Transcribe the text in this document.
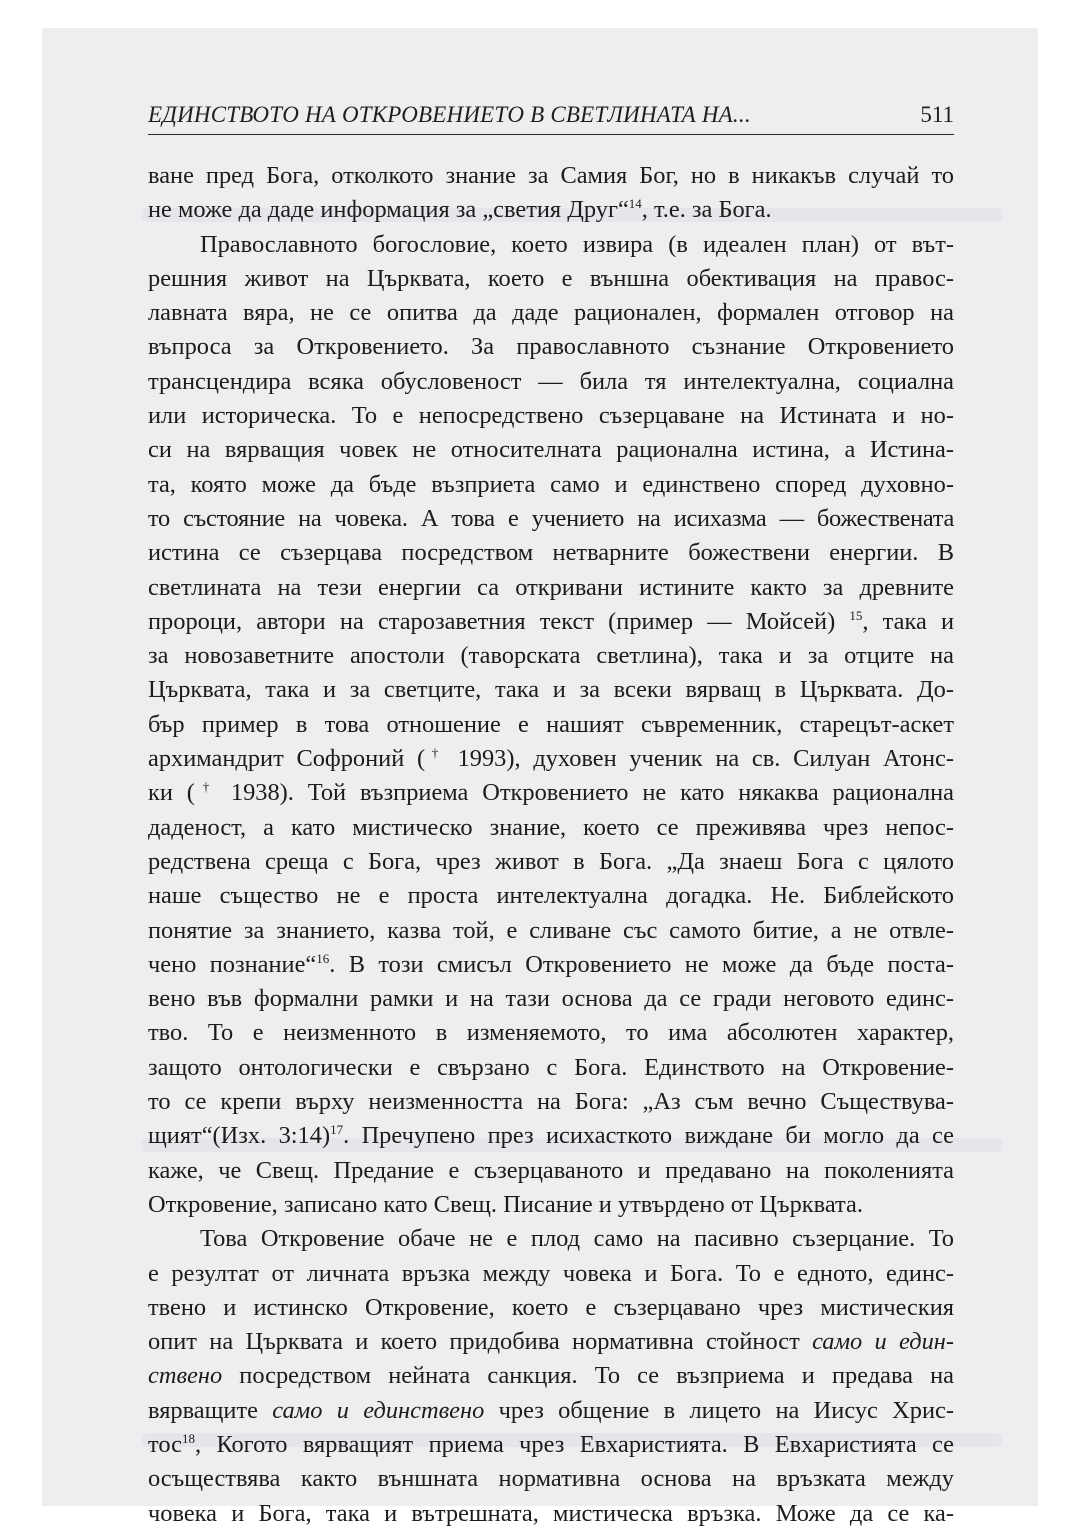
ЕДИНСТВОТО НА ОТКРОВЕНИЕТО В СВЕТЛИНАТА НА...	511
ване пред Бога, отколкото знание за Самия Бог, но в никакъв случай то
не може да даде информация за „светия Друг“$^{14}$, т.е. за Бога.
Православното богословие, което извира (в идеален план) от вът-
решния живот на Църквата, което е външна обективация на правос-
лавната вяра, не се опитва да даде рационален, формален отговор на
въпроса за Откровението. За православното съзнание Откровението
трансцендира всяка обусловеност — била тя интелектуална, социална
или историческа. То е непосредствено съзерцаване на Истината и но-
си на вярващия човек не относителната рационална истина, а Истина-
та, която може да бъде възприета само и единствено според духовно-
то състояние на човека. А това е учението на исихазма — божествената
истина се съзерцава посредством нетварните божествени енергии. В
светлината на тези енергии са откривани истините както за древните
пророци, автори на старозаветния текст (пример — Мойсей) $^{15}$, така и
за новозаветните апостоли (таворската светлина), така и за отците на
Църквата, така и за светците, така и за всеки вярващ в Църквата. До-
бър пример в това отношение е нашият съвременник, старецът-аскет
архимандрит Софроний († 1993), духовен ученик на св. Силуан Атонс-
ки († 1938). Той възприема Откровението не като някаква рационална
даденост, а като мистическо знание, което се преживява чрез непос-
редствена среща с Бога, чрез живот в Бога. „Да знаеш Бога с цялото
наше същество не е проста интелектуална догадка. Не. Библейското
понятие за знанието, казва той, е сливане със самото битие, а не отвле-
чено познание“$^{16}$. В този смисъл Откровението не може да бъде поста-
вено във формални рамки и на тази основа да се гради неговото единс-
тво. То е неизменното в изменяемото, то има абсолютен характер,
защото онтологически е свързано с Бога. Единството на Откровение-
то се крепи върху неизменността на Бога: „Аз съм вечно Съществува-
щият“(Изх. 3:14)$^{17}$. Пречупено през исихасткото виждане би могло да се
каже, че Свещ. Предание е съзерцаваното и предавано на поколенията
Откровение, записано като Свещ. Писание и утвърдено от Църквата.
Това Откровение обаче не е плод само на пасивно съзерцание. То
е резултат от личната връзка между човека и Бога. То е едното, единс-
твено и истинско Откровение, което е съзерцавано чрез мистическия
опит на Църквата и което придобива нормативна стойност само и един-
ствено посредством нейната санкция. То се възприема и предава на
вярващите само и единствено чрез общение в лицето на Иисус Хрис-
тос$^{18}$, Когото вярващият приема чрез Евхаристията. В Евхаристията се
осъществява както външната нормативна основа на връзката между
човека и Бога, така и вътрешната, мистическа връзка. Може да се ка-
